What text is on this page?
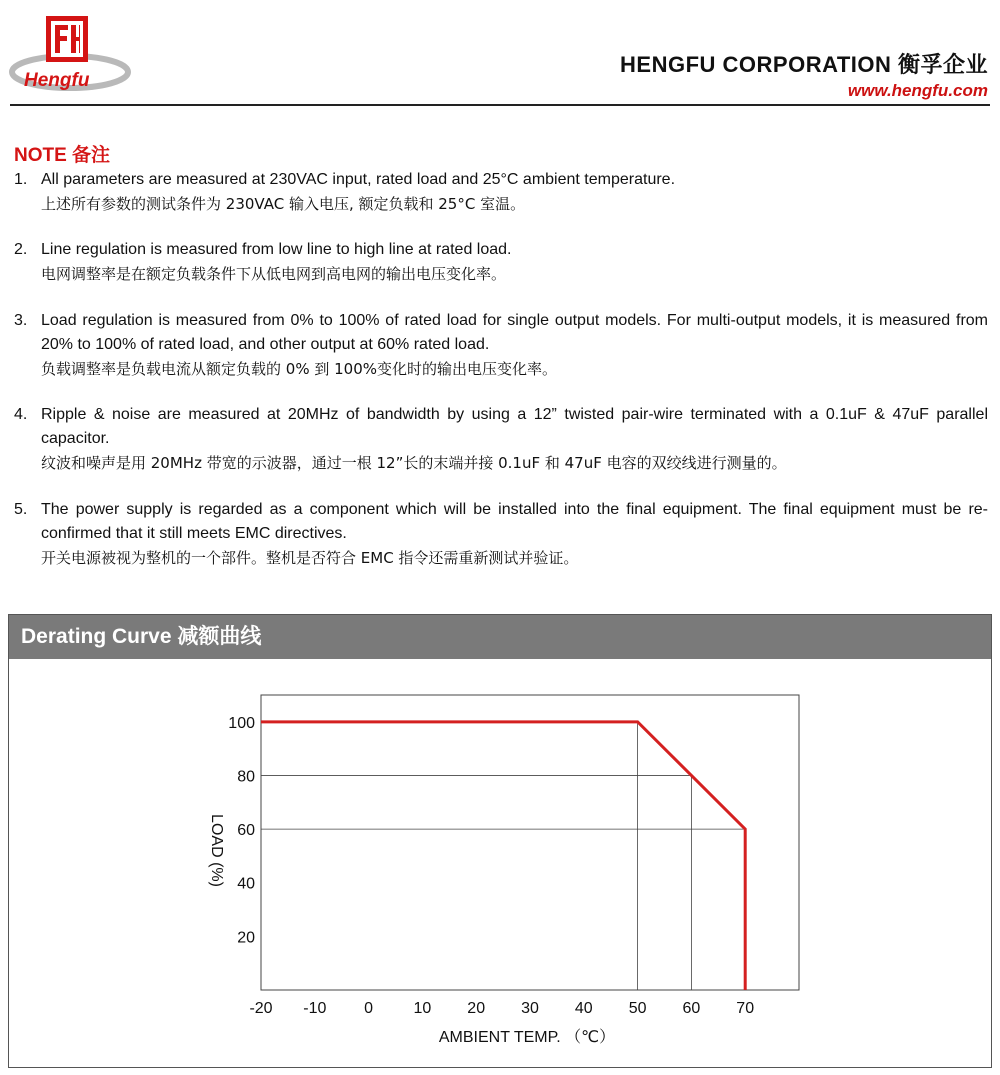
Hengfu
HENGFU CORPORATION 衡孚企业
www.hengfu.com
NOTE 备注
1. All parameters are measured at 230VAC input, rated load and 25°C ambient temperature.
上述所有参数的测试条件为 230VAC 输入电压, 额定负载和 25°C 室温。
2. Line regulation is measured from low line to high line at rated load.
电网调整率是在额定负载条件下从低电网到高电网的输出电压变化率。
3. Load regulation is measured from 0% to 100% of rated load for single output models. For multi-output models, it is measured from 20% to 100% of rated load, and other output at 60% rated load.
负载调整率是负载电流从额定负载的 0% 到 100%变化时的输出电压变化率。
4. Ripple & noise are measured at 20MHz of bandwidth by using a 12” twisted pair-wire terminated with a 0.1uF & 47uF parallel capacitor.
纹波和噪声是用 20MHz 带宽的示波器，通过一根 12”长的末端并接 0.1uF 和 47uF 电容的双绞线进行测量的。
5. The power supply is regarded as a component which will be installed into the final equipment. The final equipment must be re-confirmed that it still meets EMC directives.
开关电源被视为整机的一个部件。整机是否符合 EMC 指令还需重新测试并验证。
Derating Curve 减额曲线
-20 -10 0	10 20 30 40 50 60 70
20
40
60
80
100
AMBIENT TEMP. （℃）
LOAD (%)
